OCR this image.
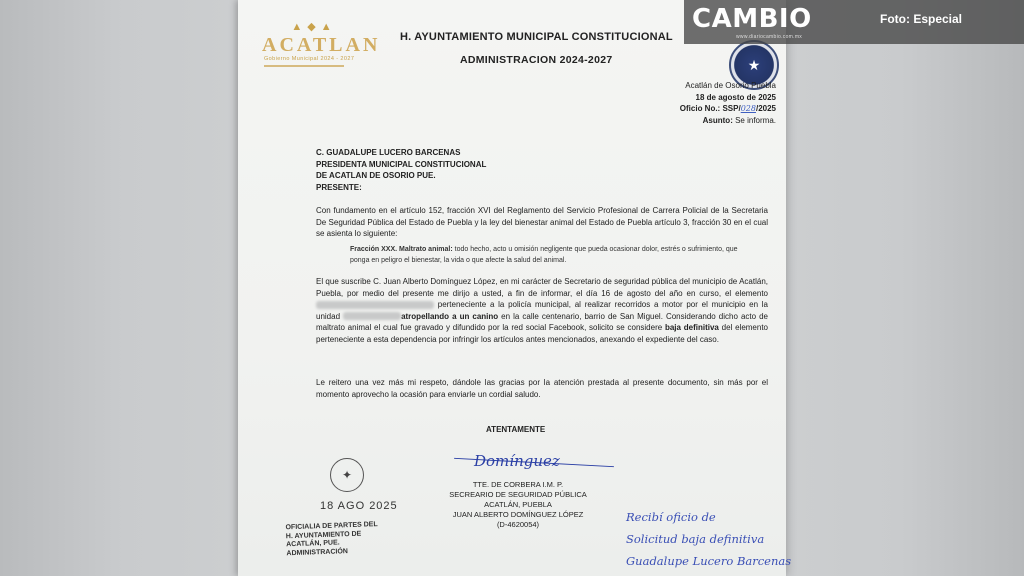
▲ ◆ ▲
ACATLAN
Gobierno Municipal 2024 - 2027
H. AYUNTAMIENTO MUNICIPAL CONSTITUCIONAL
ADMINISTRACION 2024-2027	★
Acatlán de Osorio Puebla
18 de agosto de 2025
Oficio No.: SSP/028/2025
Asunto: Se informa.
C. GUADALUPE LUCERO BARCENAS
PRESIDENTA MUNICIPAL CONSTITUCIONAL
DE ACATLAN DE OSORIO PUE.
PRESENTE:
Con fundamento en el artículo 152, fracción XVI del Reglamento del Servicio Profesional de Carrera Policial de la Secretaria De Seguridad Pública del Estado de Puebla y la ley del bienestar animal del Estado de Puebla artículo 3, fracción 30 en el cual se asienta lo siguiente:
Fracción XXX. Maltrato animal: todo hecho, acto u omisión negligente que pueda ocasionar dolor, estrés o sufrimiento, que ponga en peligro el bienestar, la vida o que afecte la salud del animal.
El que suscribe C. Juan Alberto Domínguez López, en mi carácter de Secretario de seguridad pública del municipio de Acatlán, Puebla, por medio del presente me dirijo a usted, a fin de informar, el día 16 de agosto del año en curso, el elemento  perteneciente a la policía municipal, al realizar recorridos a motor por el municipio en la unidad	atropellando a un canino en la calle centenario, barrio de San Miguel. Considerando dicho acto de maltrato animal el cual fue gravado y difundido por la red social Facebook, solicito se considere baja definitiva del elemento perteneciente a esta dependencia por infringir los artículos antes mencionados, anexando el expediente del caso.
Le reitero una vez más mi respeto, dándole las gracias por la atención prestada al presente documento, sin más por el momento aprovecho la ocasión para enviarle un cordial saludo.
ATENTAMENTE
Domínguez
TTE. DE CORBERA I.M. P.
SECREARIO DE SEGURIDAD PÚBLICA
ACATLÁN, PUEBLA
JUAN ALBERTO DOMÍNGUEZ LÓPEZ
(D-4620054)
✦
18 AGO 2025
OFICIALIA DE PARTES DEL
H. AYUNTAMIENTO DE
ACATLÁN, PUE.
ADMINISTRACIÓN
Recibí oficio de
Solicitud baja definitiva
Guadalupe Lucero Barcenas
CAMBIO
www.diariocambio.com.mx
Foto: Especial
